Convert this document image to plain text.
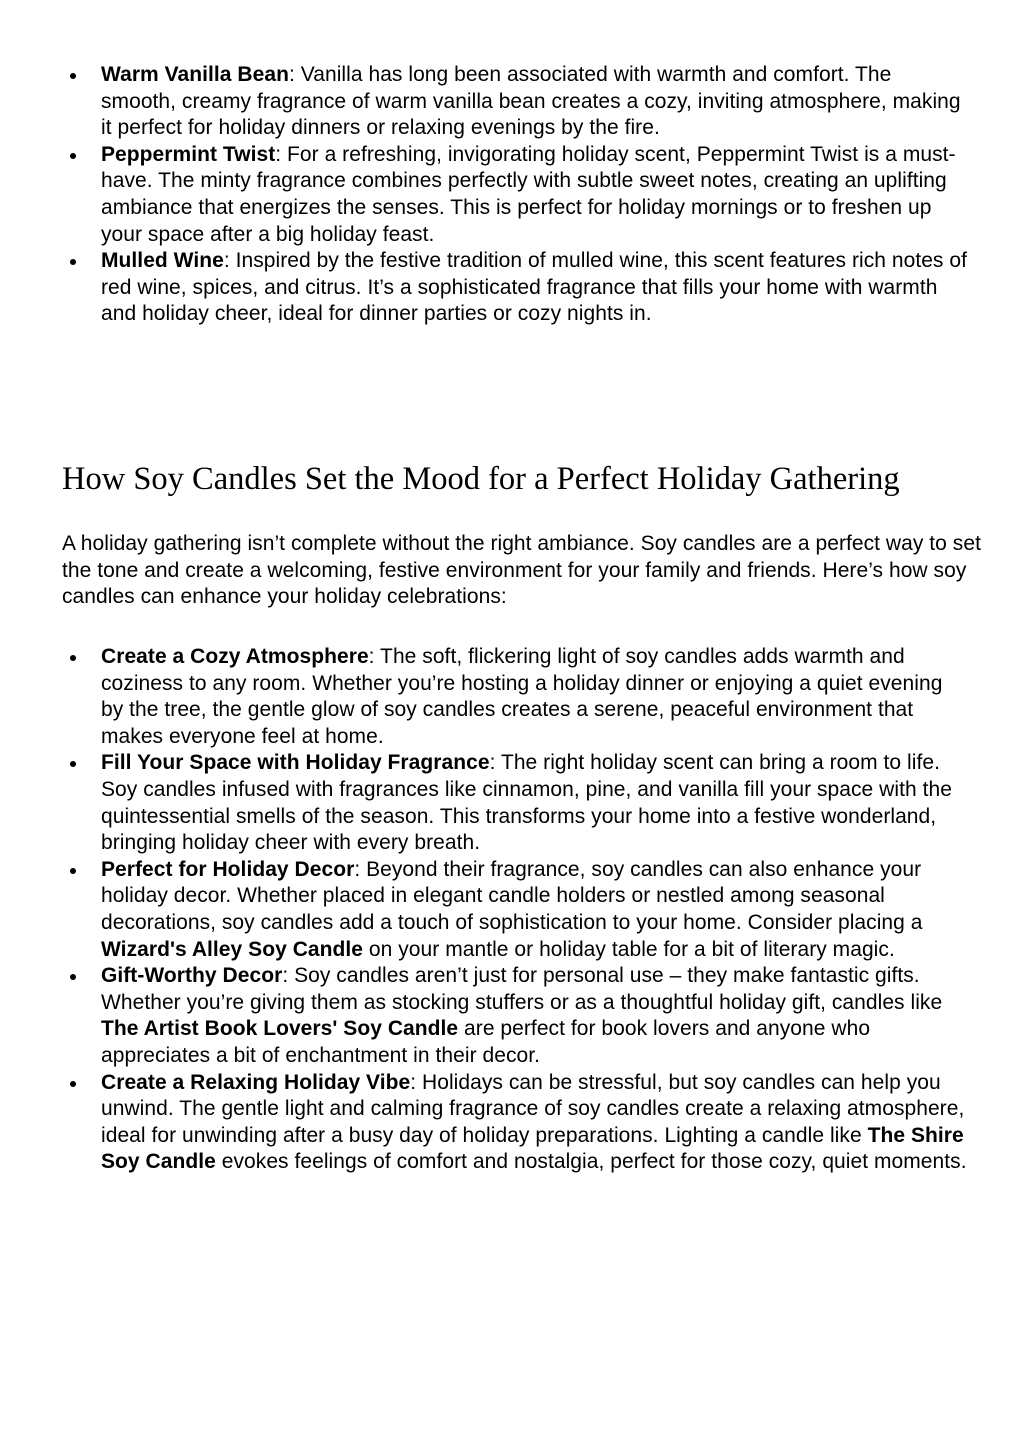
Warm Vanilla Bean: Vanilla has long been associated with warmth and comfort. The smooth, creamy fragrance of warm vanilla bean creates a cozy, inviting atmosphere, making it perfect for holiday dinners or relaxing evenings by the fire.
Peppermint Twist: For a refreshing, invigorating holiday scent, Peppermint Twist is a must-have. The minty fragrance combines perfectly with subtle sweet notes, creating an uplifting ambiance that energizes the senses. This is perfect for holiday mornings or to freshen up your space after a big holiday feast.
Mulled Wine: Inspired by the festive tradition of mulled wine, this scent features rich notes of red wine, spices, and citrus. It’s a sophisticated fragrance that fills your home with warmth and holiday cheer, ideal for dinner parties or cozy nights in.
How Soy Candles Set the Mood for a Perfect Holiday Gathering

A holiday gathering isn’t complete without the right ambiance. Soy candles are a perfect way to set the tone and create a welcoming, festive environment for your family and friends. Here’s how soy candles can enhance your holiday celebrations:

Create a Cozy Atmosphere: The soft, flickering light of soy candles adds warmth and coziness to any room. Whether you’re hosting a holiday dinner or enjoying a quiet evening by the tree, the gentle glow of soy candles creates a serene, peaceful environment that makes everyone feel at home.
Fill Your Space with Holiday Fragrance: The right holiday scent can bring a room to life. Soy candles infused with fragrances like cinnamon, pine, and vanilla fill your space with the quintessential smells of the season. This transforms your home into a festive wonderland, bringing holiday cheer with every breath.
Perfect for Holiday Decor: Beyond their fragrance, soy candles can also enhance your holiday decor. Whether placed in elegant candle holders or nestled among seasonal decorations, soy candles add a touch of sophistication to your home. Consider placing a Wizard's Alley Soy Candle on your mantle or holiday table for a bit of literary magic.
Gift-Worthy Decor: Soy candles aren’t just for personal use – they make fantastic gifts. Whether you’re giving them as stocking stuffers or as a thoughtful holiday gift, candles like The Artist Book Lovers' Soy Candle are perfect for book lovers and anyone who appreciates a bit of enchantment in their decor.
Create a Relaxing Holiday Vibe: Holidays can be stressful, but soy candles can help you unwind. The gentle light and calming fragrance of soy candles create a relaxing atmosphere, ideal for unwinding after a busy day of holiday preparations. Lighting a candle like The Shire Soy Candle evokes feelings of comfort and nostalgia, perfect for those cozy, quiet moments.
